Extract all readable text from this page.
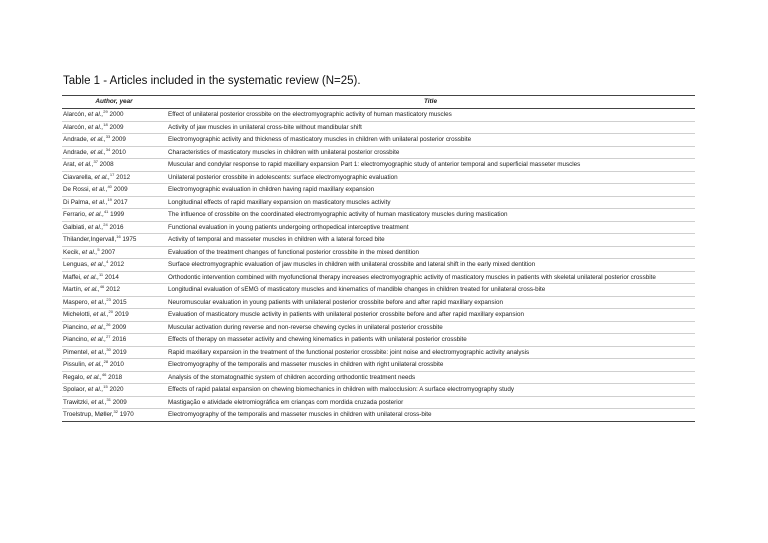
Table 1 - Articles included in the systematic review (N=25).
Author, year	Title
Alarcón, et al.,$^{29}$ 2000	Effect of unilateral posterior crossbite on the electromyographic activity of human masticatory muscles
Alarcón, et al.,$^{18}$ 2009	Activity of jaw muscles in unilateral cross-bite without mandibular shift
Andrade, et al.,$^{33}$ 2009	Electromyographic activity and thickness of masticatory muscles in children with unilateral posterior crossbite
Andrade, et al.,$^{34}$ 2010	Characteristics of masticatory muscles in children with unilateral posterior crossbite
Arat, et al.,$^{37}$ 2008	Muscular and condylar response to rapid maxillary expansion Part 1: electromyographic study of anterior temporal and superficial masseter muscles
Ciavarella, et al.,$^{17}$ 2012	Unilateral posterior crossbite in adolescents: surface electromyographic evaluation
De Rossi, et al.,$^{40}$ 2009	Electromyographic evaluation in children having rapid maxillary expansion
Di Palma, et al.,$^{19}$ 2017	Longitudinal effects of rapid maxillary expansion on masticatory muscles activity
Ferrario, et al.,$^{41}$ 1999	The influence of crossbite on the coordinated electromyographic activity of human masticatory muscles during mastication
Galbiati, et al.,$^{24}$ 2016	Functional evaluation in young patients undergoing orthopedical interceptive treatment
Thilander,Ingervall,$^{16}$ 1975	Activity of temporal and masseter muscles in children with a lateral forced bite
Kecik, et al.,$^5$ 2007	Evaluation of the treatment changes of functional posterior crossbite in the mixed dentition
Lenguas, et al.,$^4$ 2012	Surface electromyographic evaluation of jaw muscles in children with unilateral crossbite and lateral shift in the early mixed dentition
Maffei, et al.,$^{11}$ 2014	Orthodontic intervention combined with myofunctional therapy increases electromyographic activity of masticatory muscles in patients with skeletal unilateral posterior crossbite
Martín, et al.,$^{46}$ 2012	Longitudinal evaluation of sEMG of masticatory muscles and kinematics of mandible changes in children treated for unilateral cross-bite
Maspero, et al.,$^{23}$ 2015	Neuromuscular evaluation in young patients with unilateral posterior crossbite before and after rapid maxillary expansion
Michelotti, et al.,$^{20}$ 2019	Evaluation of masticatory muscle activity in patients with unilateral posterior crossbite before and after rapid maxillary expansion
Piancino, et al.,$^{26}$ 2009	Muscular activation during reverse and non-reverse chewing cycles in unilateral posterior crossbite
Piancino, et al.,$^{27}$ 2016	Effects of therapy on masseter activity and chewing kinematics in patients with unilateral posterior crossbite
Pimentel, et al.,$^{30}$ 2019	Rapid maxillary expansion in the treatment of the functional posterior crossbite: joint noise and electromyographic activity analysis
Pissulin, et al.,$^{28}$ 2010	Electromyography of the temporalis and masseter muscles in children with right unilateral crossbite
Regalo, et al.,$^{46}$ 2018	Analysis of the stomatognathic system of children according orthodontic treatment needs
Spolaor, et al.,$^{15}$ 2020	Effects of rapid palatal expansion on chewing biomechanics in children with malocclusion: A surface electromyography study
Trawitzki, et al.,$^{31}$ 2009	Mastigação e atividade eletromiográfica em crianças com mordida cruzada posterior
Troelstrup, Møller,$^{32}$ 1970	Electromyography of the temporalis and masseter muscles in children with unilateral cross-bite
